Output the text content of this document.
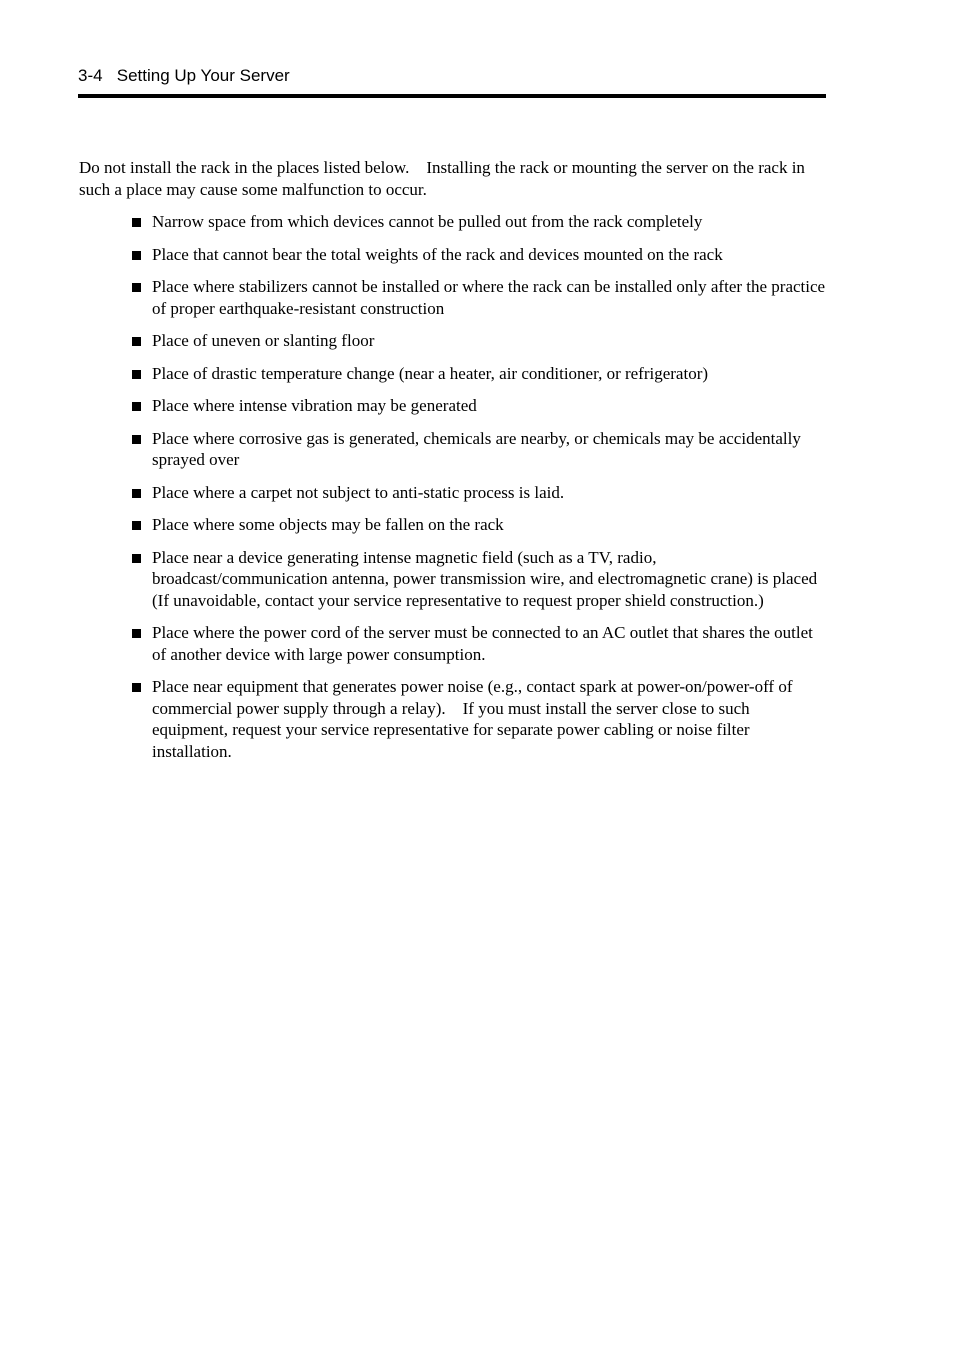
3-4 Setting Up Your Server

Do not install the rack in the places listed below.    Installing the rack or mounting the server on the rack in such a place may cause some malfunction to occur.

Narrow space from which devices cannot be pulled out from the rack completely
Place that cannot bear the total weights of the rack and devices mounted on the rack
Place where stabilizers cannot be installed or where the rack can be installed only after the practice of proper earthquake-resistant construction
Place of uneven or slanting floor
Place of drastic temperature change (near a heater, air conditioner, or refrigerator)
Place where intense vibration may be generated
Place where corrosive gas is generated, chemicals are nearby, or chemicals may be accidentally sprayed over
Place where a carpet not subject to anti-static process is laid.
Place where some objects may be fallen on the rack
Place near a device generating intense magnetic field (such as a TV, radio, broadcast/communication antenna, power transmission wire, and electromagnetic crane) is placed (If unavoidable, contact your service representative to request proper shield construction.)
Place where the power cord of the server must be connected to an AC outlet that shares the outlet of another device with large power consumption.
Place near equipment that generates power noise (e.g., contact spark at power-on/power-off of commercial power supply through a relay).    If you must install the server close to such equipment, request your service representative for separate power cabling or noise filter installation.
